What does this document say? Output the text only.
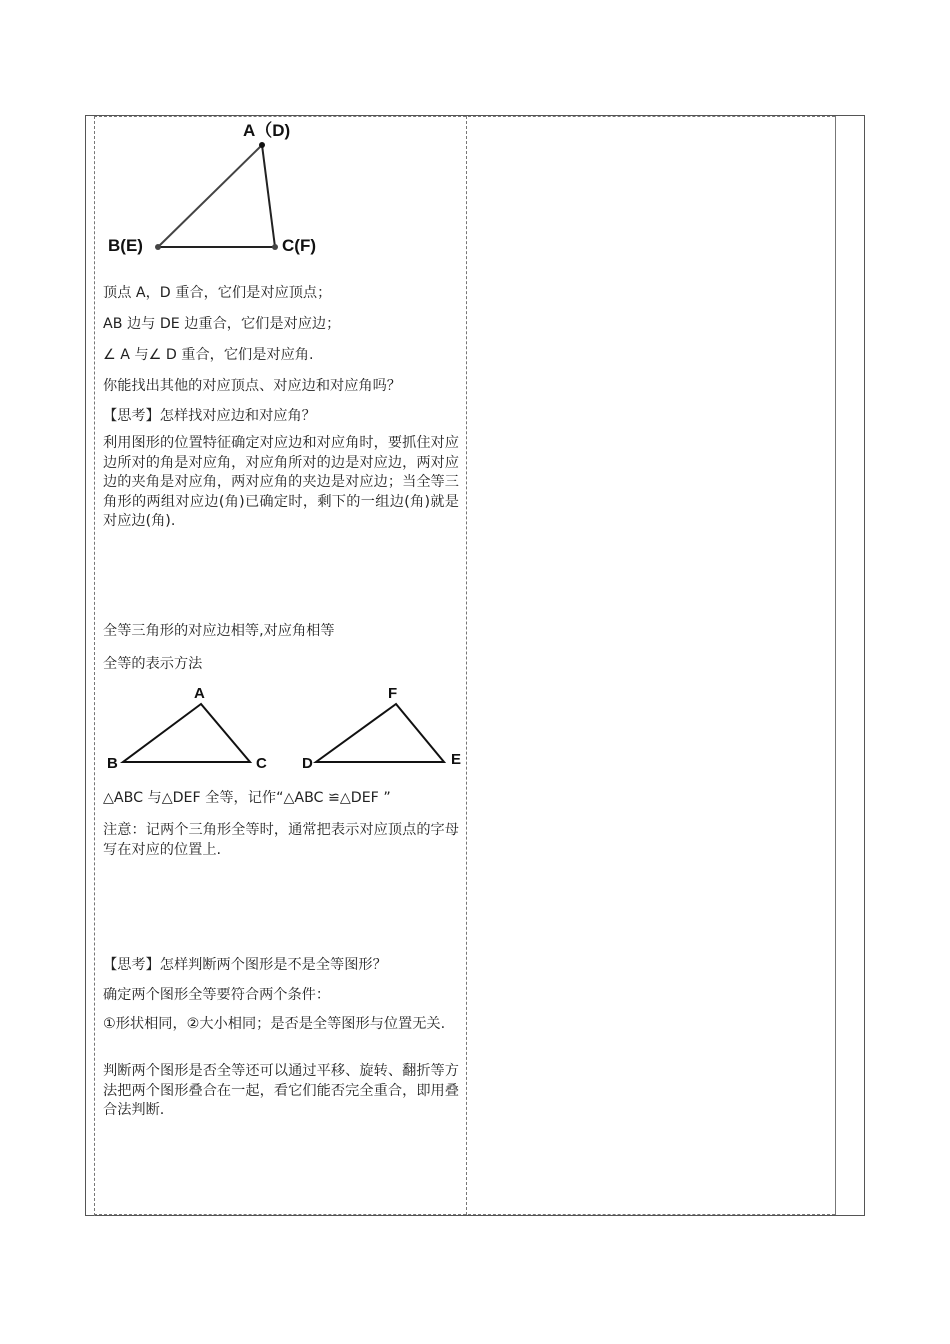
A（D)
B(E)	C(F)

顶点 A，D 重合，它们是对应顶点；

AB 边与 DE 边重合，它们是对应边；

∠ A 与∠ D 重合，它们是对应角.

你能找出其他的对应顶点、对应边和对应角吗？

【思考】怎样找对应边和对应角？

利用图形的位置特征确定对应边和对应角时，要抓住对应边所对的角是对应角，对应角所对的边是对应边，两对应边的夹角是对应角，两对应角的夹边是对应边；当全等三角形的两组对应边(角)已确定时，剩下的一组边(角)就是对应边(角).

全等三角形的对应边相等,对应角相等

全等的表示方法

A
B	C
F
D	E

△ABC 与△DEF 全等，记作“△ABC ≌△DEF ”

注意：记两个三角形全等时，通常把表示对应顶点的字母写在对应的位置上.

【思考】怎样判断两个图形是不是全等图形？

确定两个图形全等要符合两个条件：

①形状相同，②大小相同；是否是全等图形与位置无关.

判断两个图形是否全等还可以通过平移、旋转、翻折等方法把两个图形叠合在一起，看它们能否完全重合，即用叠合法判断.
